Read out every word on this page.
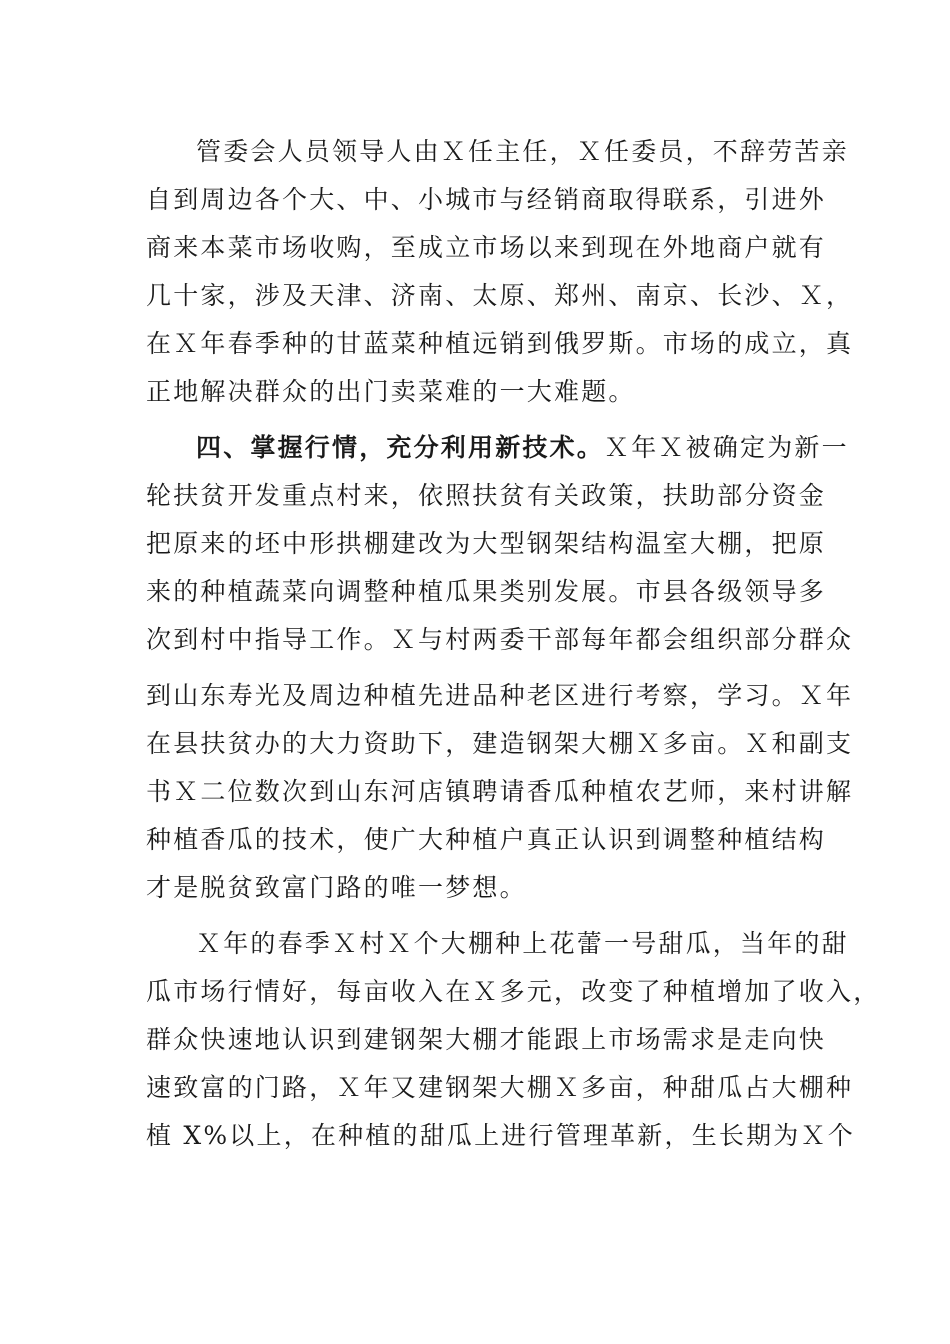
管委会人员领导人由Ｘ任主任，Ｘ任委员，不辞劳苦亲
自到周边各个大、中、小城市与经销商取得联系，引进外
商来本菜市场收购，至成立市场以来到现在外地商户就有
几十家，涉及天津、济南、太原、郑州、南京、长沙、Ｘ，
在Ｘ年春季种的甘蓝菜种植远销到俄罗斯。市场的成立，真
正地解决群众的出门卖菜难的一大难题。
四、掌握行情，充分利用新技术。Ｘ年Ｘ被确定为新一
轮扶贫开发重点村来，依照扶贫有关政策，扶助部分资金
把原来的坯中形拱棚建改为大型钢架结构温室大棚，把原
来的种植蔬菜向调整种植瓜果类别发展。市县各级领导多
次到村中指导工作。Ｘ与村两委干部每年都会组织部分群众
到山东寿光及周边种植先进品种老区进行考察，学习。Ｘ年
在县扶贫办的大力资助下，建造钢架大棚Ｘ多亩。Ｘ和副支
书Ｘ二位数次到山东河店镇聘请香瓜种植农艺师，来村讲解
种植香瓜的技术，使广大种植户真正认识到调整种植结构
才是脱贫致富门路的唯一梦想。
Ｘ年的春季Ｘ村Ｘ个大棚种上花蕾一号甜瓜，当年的甜
瓜市场行情好，每亩收入在Ｘ多元，改变了种植增加了收入，
群众快速地认识到建钢架大棚才能跟上市场需求是走向快
速致富的门路，Ｘ年又建钢架大棚Ｘ多亩，种甜瓜占大棚种
植 X%以上，在种植的甜瓜上进行管理革新，生长期为Ｘ个
